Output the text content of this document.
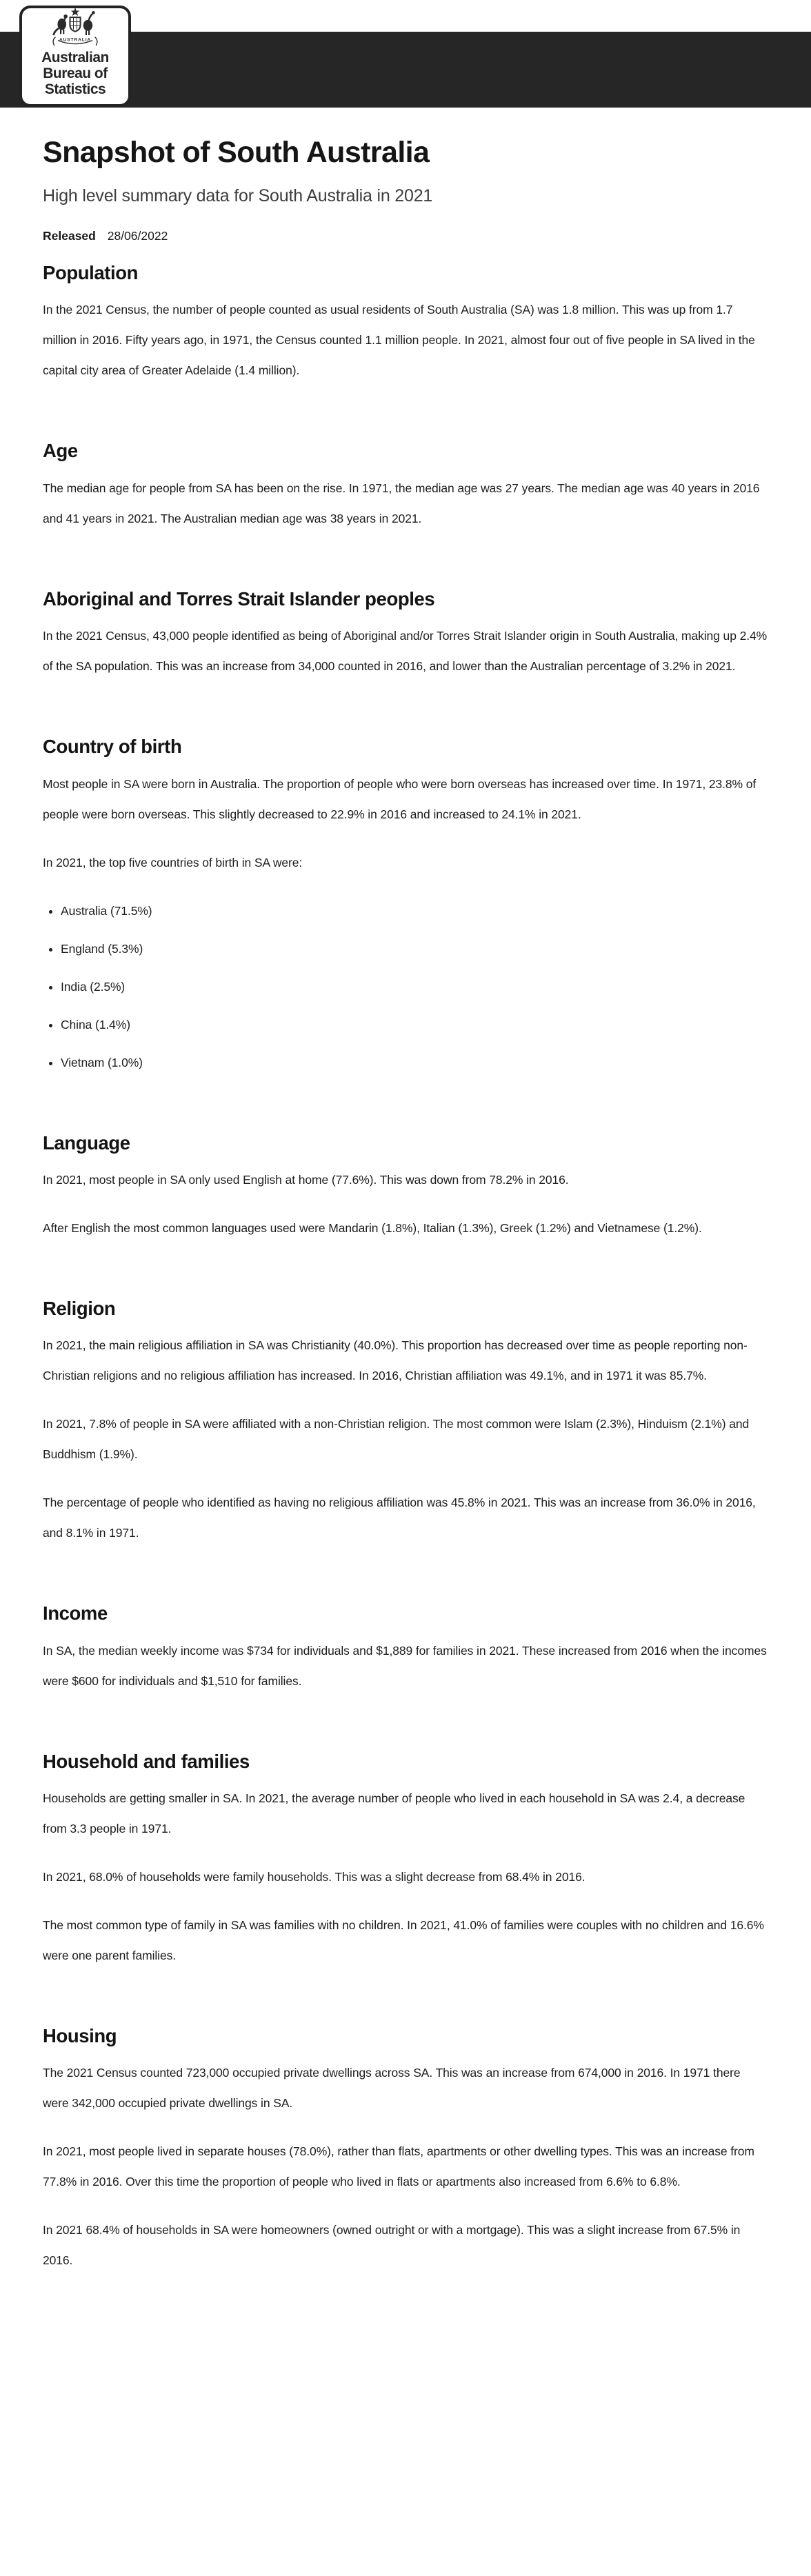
AUSTRALIA
Australian
Bureau of
Statistics
Snapshot of South Australia

High level summary data for South Australia in 2021

Released 28/06/2022
Population

In the 2021 Census, the number of people counted as usual residents of South Australia (SA) was 1.8 million. This was up from 1.7 million in 2016. Fifty years ago, in 1971, the Census counted 1.1 million people. In 2021, almost four out of five people in SA lived in the capital city area of Greater Adelaide (1.4 million).

Age

The median age for people from SA has been on the rise. In 1971, the median age was 27 years. The median age was 40 years in 2016 and 41 years in 2021. The Australian median age was 38 years in 2021.

Aboriginal and Torres Strait Islander peoples

In the 2021 Census, 43,000 people identified as being of Aboriginal and/or Torres Strait Islander origin in South Australia, making up 2.4% of the SA population. This was an increase from 34,000 counted in 2016, and lower than the Australian percentage of 3.2% in 2021.

Country of birth

Most people in SA were born in Australia. The proportion of people who were born overseas has increased over time. In 1971, 23.8% of people were born overseas. This slightly decreased to 22.9% in 2016 and increased to 24.1% in 2021.

In 2021, the top five countries of birth in SA were:

• Australia (71.5%)
• England (5.3%)
• India (2.5%)
• China (1.4%)
• Vietnam (1.0%)
Language

In 2021, most people in SA only used English at home (77.6%). This was down from 78.2% in 2016.

After English the most common languages used were Mandarin (1.8%), Italian (1.3%), Greek (1.2%) and Vietnamese (1.2%).

Religion

In 2021, the main religious affiliation in SA was Christianity (40.0%). This proportion has decreased over time as people reporting non-Christian religions and no religious affiliation has increased. In 2016, Christian affiliation was 49.1%, and in 1971 it was 85.7%.

In 2021, 7.8% of people in SA were affiliated with a non-Christian religion. The most common were Islam (2.3%), Hinduism (2.1%) and Buddhism (1.9%).

The percentage of people who identified as having no religious affiliation was 45.8% in 2021. This was an increase from 36.0% in 2016, and 8.1% in 1971.

Income

In SA, the median weekly income was $734 for individuals and $1,889 for families in 2021. These increased from 2016 when the incomes were $600 for individuals and $1,510 for families.

Household and families

Households are getting smaller in SA. In 2021, the average number of people who lived in each household in SA was 2.4, a decrease from 3.3 people in 1971.

In 2021, 68.0% of households were family households. This was a slight decrease from 68.4% in 2016.

The most common type of family in SA was families with no children. In 2021, 41.0% of families were couples with no children and 16.6% were one parent families.

Housing

The 2021 Census counted 723,000 occupied private dwellings across SA. This was an increase from 674,000 in 2016. In 1971 there were 342,000 occupied private dwellings in SA.

In 2021, most people lived in separate houses (78.0%), rather than flats, apartments or other dwelling types. This was an increase from 77.8% in 2016. Over this time the proportion of people who lived in flats or apartments also increased from 6.6% to 6.8%.

In 2021 68.4% of households in SA were homeowners (owned outright or with a mortgage). This was a slight increase from 67.5% in 2016.
